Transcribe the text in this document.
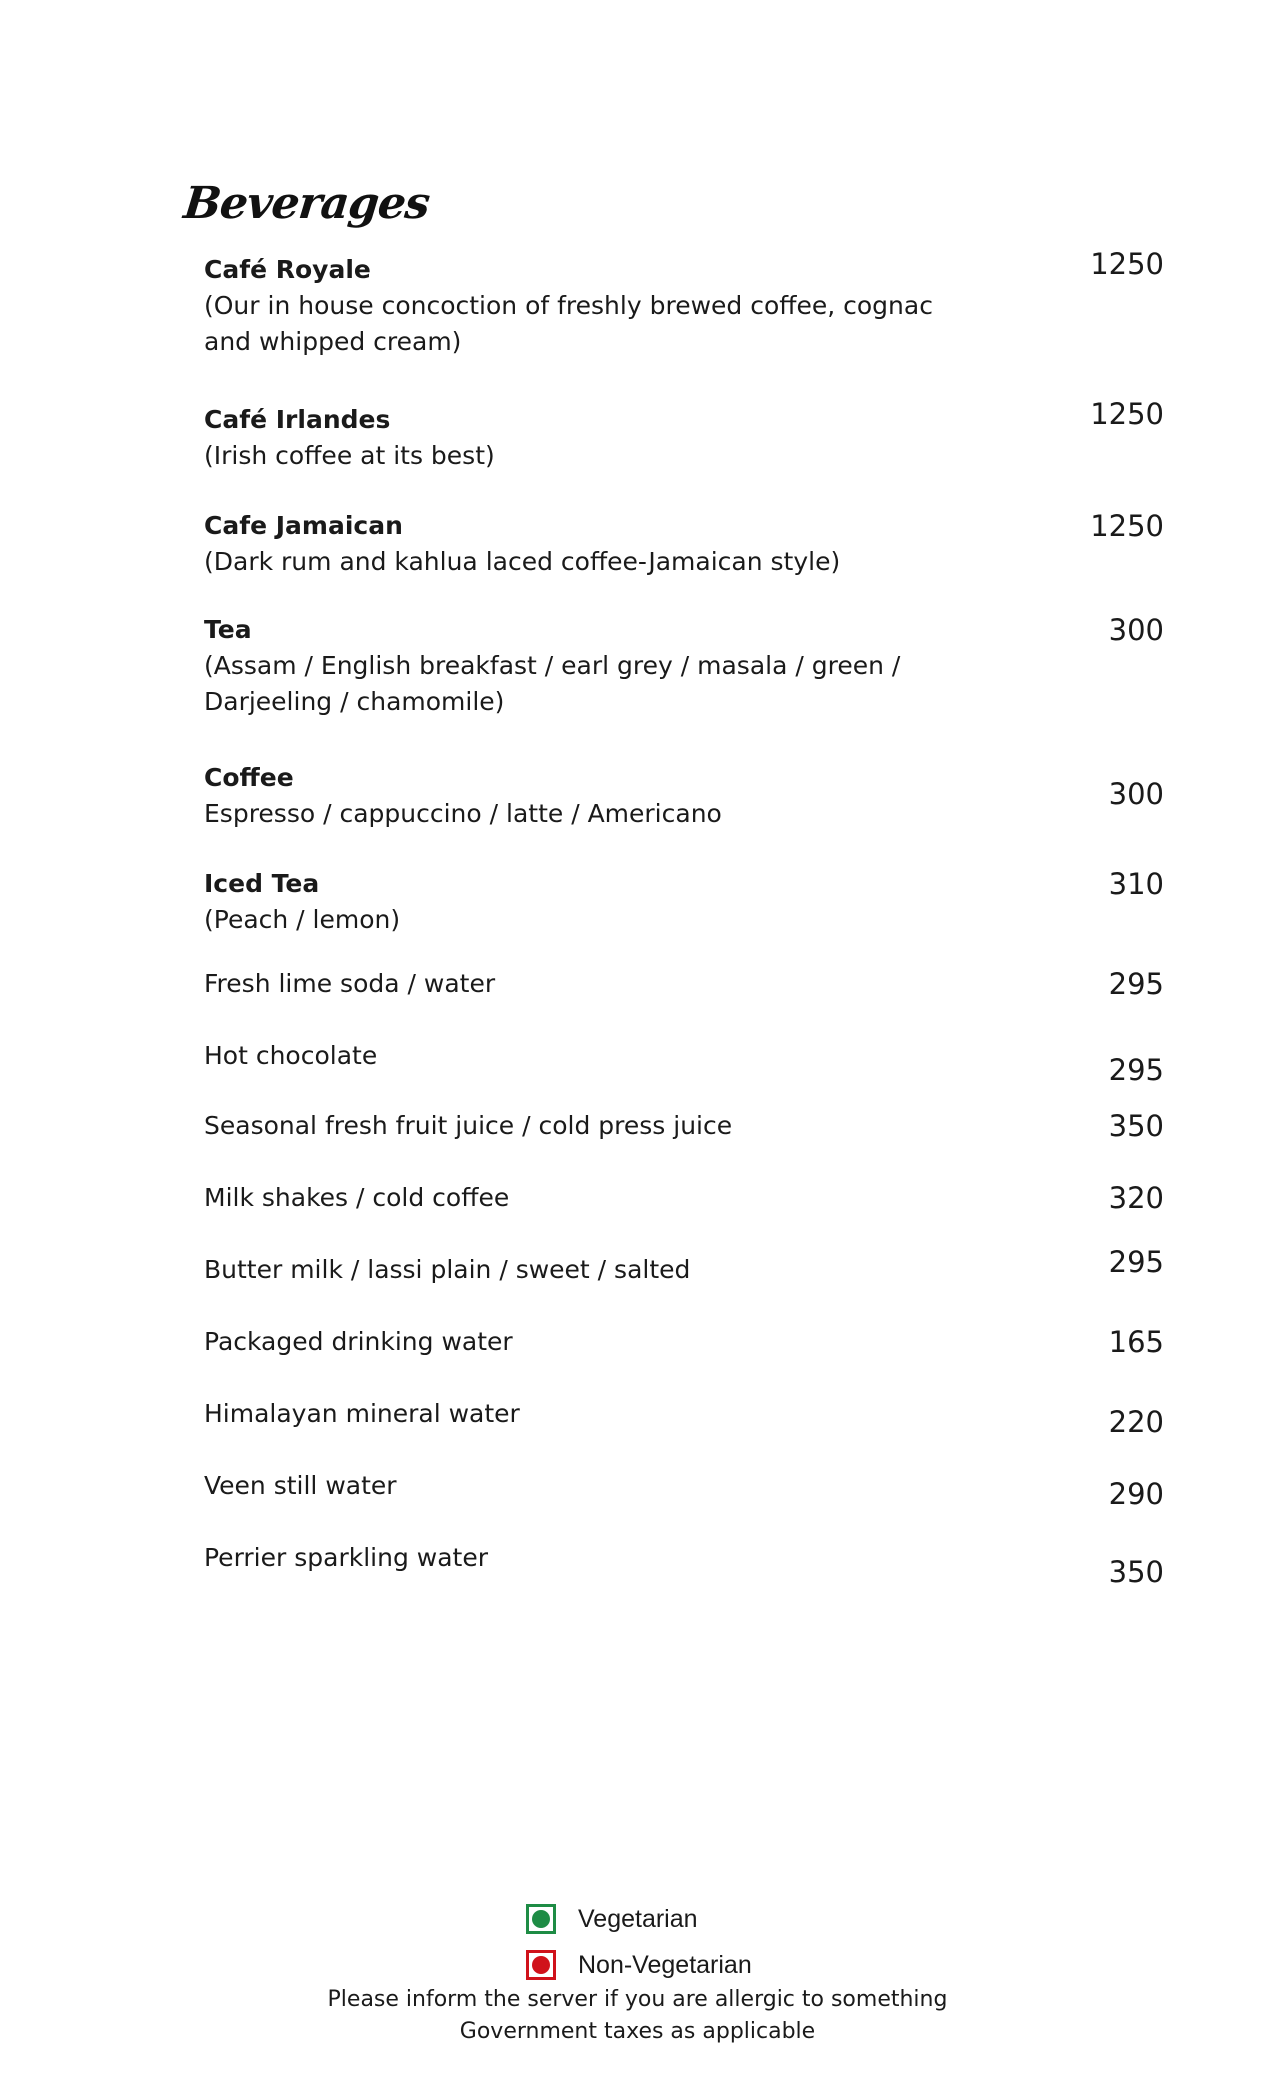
Beverages
Café Royale
(Our in house concoction of freshly brewed coffee, cognac and whipped cream)
1250
Café Irlandes
(Irish coffee at its best)
1250
Cafe Jamaican
(Dark rum and kahlua laced coffee-Jamaican style)
1250
Tea
(Assam / English breakfast / earl grey / masala / green / Darjeeling / chamomile)
300
Coffee
Espresso / cappuccino / latte / Americano
300
Iced Tea
(Peach / lemon)
310
Fresh lime soda / water	295
Hot chocolate	295
Seasonal fresh fruit juice / cold press juice	350
Milk shakes / cold coffee	320
Butter milk / lassi plain / sweet / salted	295
Packaged drinking water	165
Himalayan mineral water	220
Veen still water	290
Perrier sparkling water	350
Vegetarian
Non-Vegetarian
Please inform the server if you are allergic to something
Government taxes as applicable
